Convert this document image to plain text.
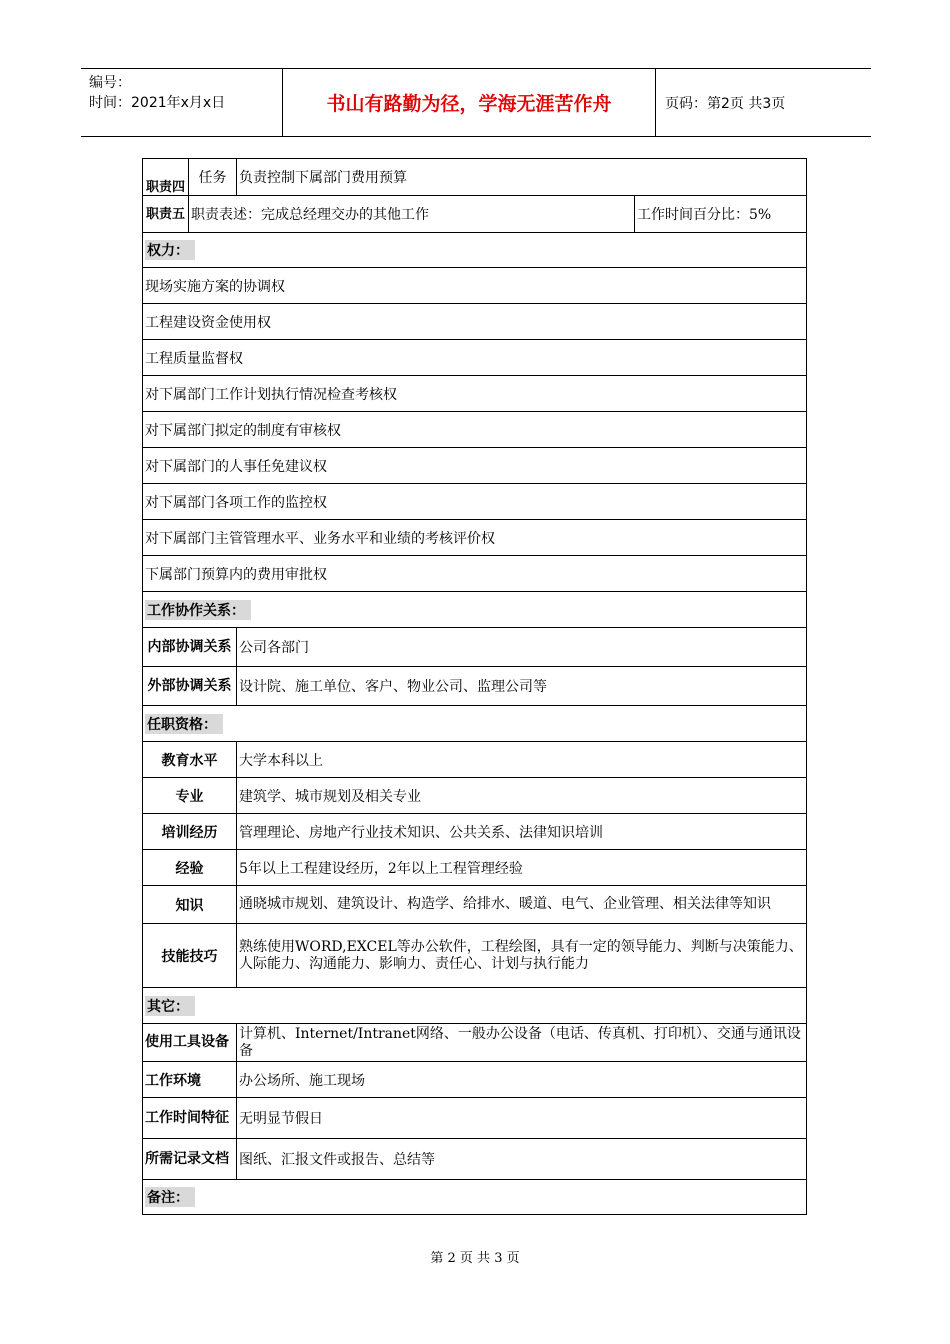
编号：
时间：2021年x月x日	书山有路勤为径，学海无涯苦作舟	页码：第2页 共3页
职责四	任务	负责控制下属部门费用预算	
职责五	职责表述：完成总经理交办的其他工作		工作时间百分比：5%
权力：			
现场实施方案的协调权			
工程建设资金使用权			
工程质量监督权			
对下属部门工作计划执行情况检查考核权			
对下属部门拟定的制度有审核权			
对下属部门的人事任免建议权			
对下属部门各项工作的监控权			
对下属部门主管管理水平、业务水平和业绩的考核评价权			
下属部门预算内的费用审批权			
工作协作关系：			
内部协调关系		公司各部门	
外部协调关系		设计院、施工单位、客户、物业公司、监理公司等	
任职资格：			
教育水平		大学本科以上	
专业		建筑学、城市规划及相关专业	
培训经历		管理理论、房地产行业技术知识、公共关系、法律知识培训	
经验		5年以上工程建设经历，2年以上工程管理经验	
知识		通晓城市规划、建筑设计、构造学、给排水、暖道、电气、企业管理、相关法律等知识	
技能技巧		熟练使用WORD,EXCEL等办公软件，工程绘图，具有一定的领导能力、判断与决策能力、人际能力、沟通能力、影响力、责任心、计划与执行能力	
其它：			
使用工具设备		计算机、Internet/Intranet网络、一般办公设备（电话、传真机、打印机）、交通与通讯设备	
工作环境		办公场所、施工现场	
工作时间特征		无明显节假日	
所需记录文档		图纸、汇报文件或报告、总结等	
备注：			
第 2 页 共 3 页
